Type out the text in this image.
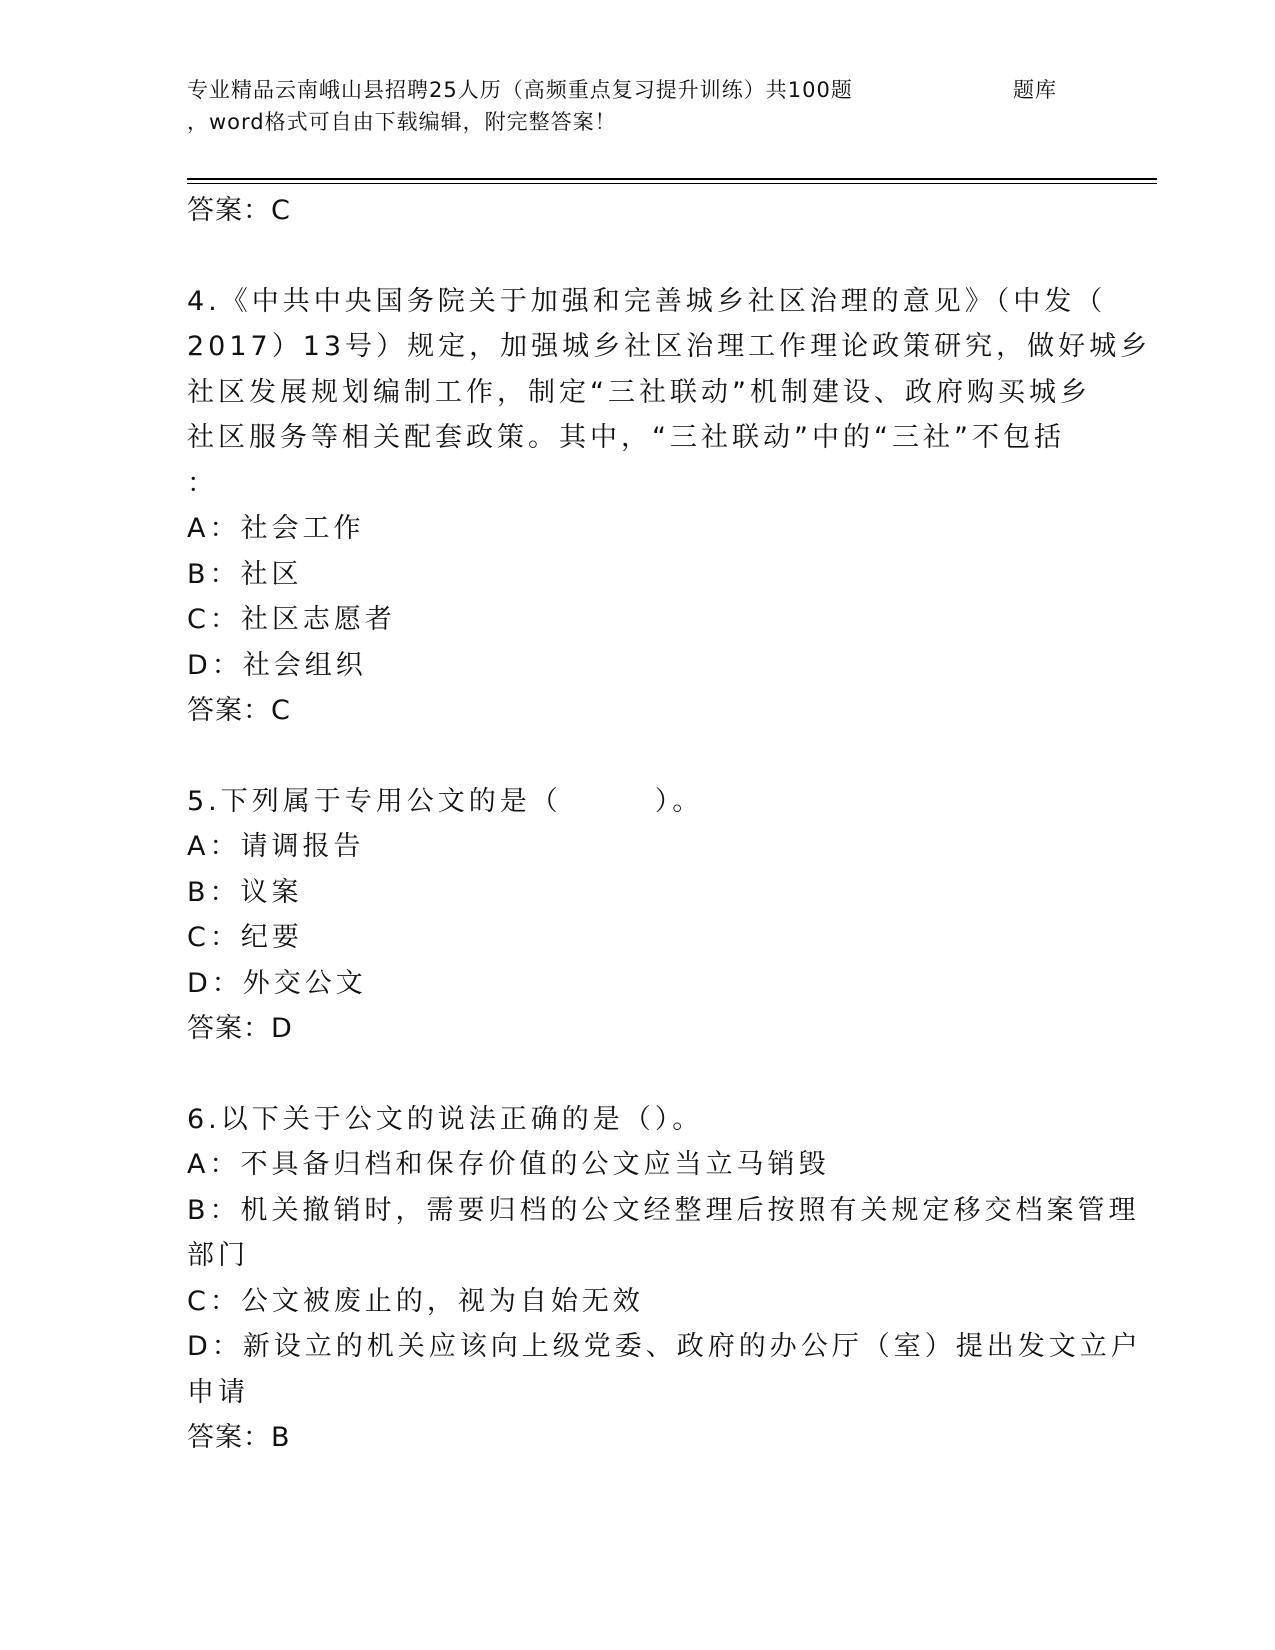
专业精品云南峨山县招聘25人历（高频重点复习提升训练）共100题	题库
，word格式可自由下载编辑，附完整答案！
答案：C
4.《中共中央国务院关于加强和完善城乡社区治理的意见》（中发（
2017）13号）规定，加强城乡社区治理工作理论政策研究，做好城乡
社区发展规划编制工作，制定“三社联动”机制建设、政府购买城乡
社区服务等相关配套政策。其中，“三社联动”中的“三社”不包括
：
A：社会工作
B：社区
C：社区志愿者
D：社会组织
答案：C
5.下列属于专用公文的是（　　　）。
A：请调报告
B：议案
C：纪要
D：外交公文
答案：D
6.以下关于公文的说法正确的是（）。
A：不具备归档和保存价值的公文应当立马销毁
B：机关撤销时，需要归档的公文经整理后按照有关规定移交档案管理
部门
C：公文被废止的，视为自始无效
D：新设立的机关应该向上级党委、政府的办公厅（室）提出发文立户
申请
答案：B
